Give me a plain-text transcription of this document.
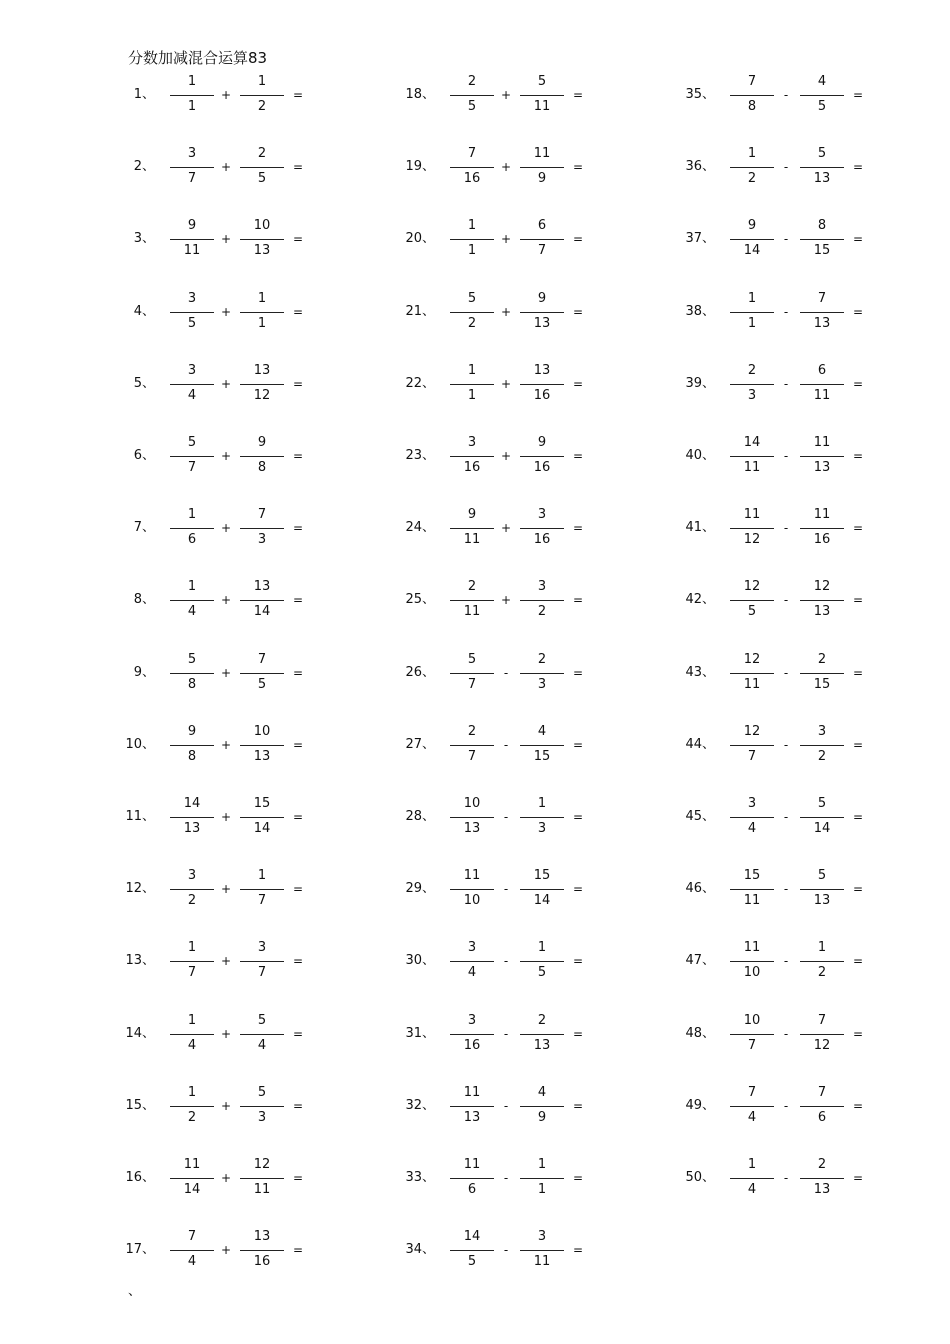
分数加减混合运算83
1、
1
1
+
1
2
=
2、
3
7
+
2
5
=
3、
9
11
+
10
13
=
4、
3
5
+
1
1
=
5、
3
4
+
13
12
=
6、
5
7
+
9
8
=
7、
1
6
+
7
3
=
8、
1
4
+
13
14
=
9、
5
8
+
7
5
=
10、
9
8
+
10
13
=
11、
14
13
+
15
14
=
12、
3
2
+
1
7
=
13、
1
7
+
3
7
=
14、
1
4
+
5
4
=
15、
1
2
+
5
3
=
16、
11
14
+
12
11
=
17、
7
4
+
13
16
=
18、
2
5
+
5
11
=
19、
7
16
+
11
9
=
20、
1
1
+
6
7
=
21、
5
2
+
9
13
=
22、
1
1
+
13
16
=
23、
3
16
+
9
16
=
24、
9
11
+
3
16
=
25、
2
11
+
3
2
=
26、
5
7
-
2
3
=
27、
2
7
-
4
15
=
28、
10
13
-
1
3
=
29、
11
10
-
15
14
=
30、
3
4
-
1
5
=
31、
3
16
-
2
13
=
32、
11
13
-
4
9
=
33、
11
6
-
1
1
=
34、
14
5
-
3
11
=
35、
7
8
-
4
5
=
36、
1
2
-
5
13
=
37、
9
14
-
8
15
=
38、
1
1
-
7
13
=
39、
2
3
-
6
11
=
40、
14
11
-
11
13
=
41、
11
12
-
11
16
=
42、
12
5
-
12
13
=
43、
12
11
-
2
15
=
44、
12
7
-
3
2
=
45、
3
4
-
5
14
=
46、
15
11
-
5
13
=
47、
11
10
-
1
2
=
48、
10
7
-
7
12
=
49、
7
4
-
7
6
=
50、
1
4
-
2
13
=
、
